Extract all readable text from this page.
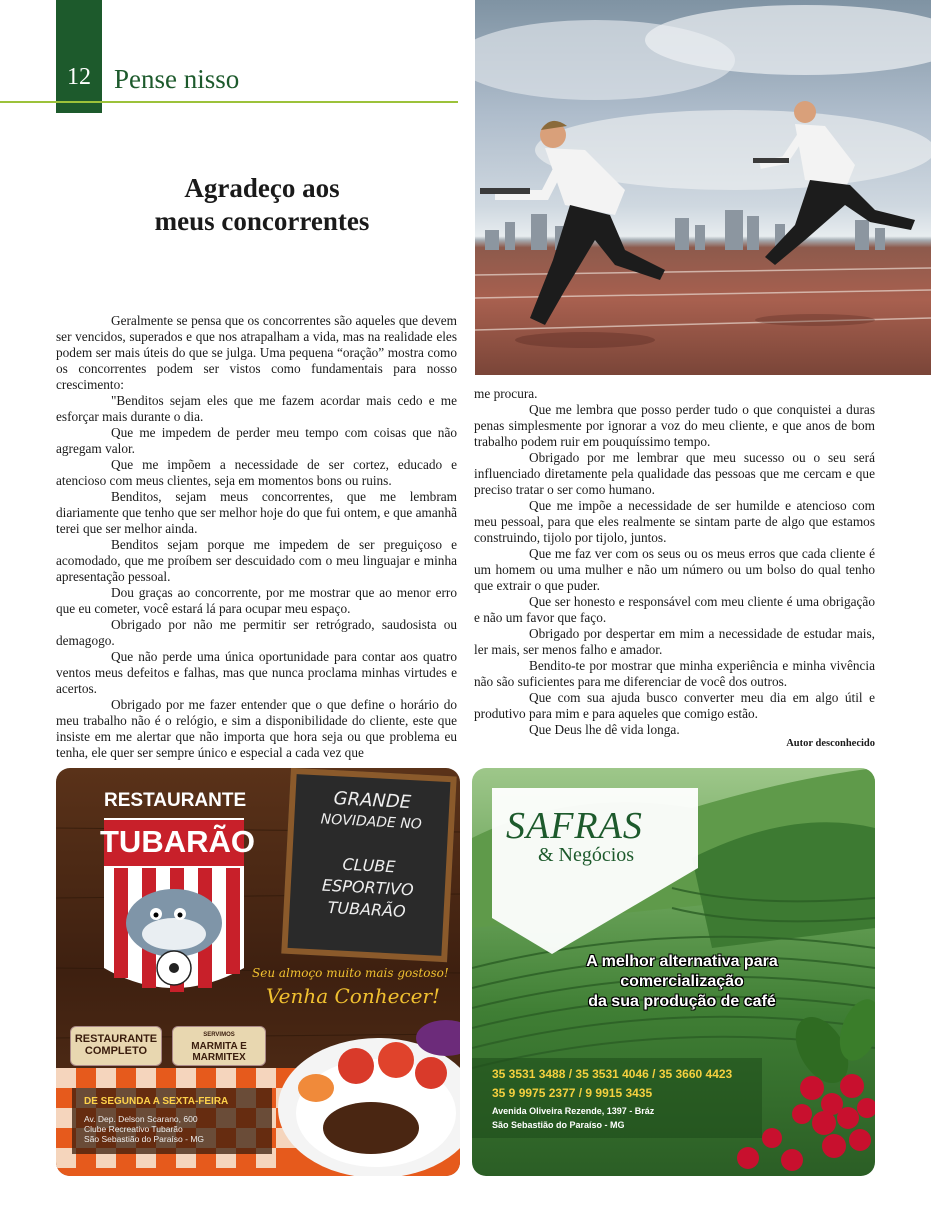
12 Pense nisso
Agradeço aos
meus concorrentes

Geralmente se pensa que os concorrentes são aqueles que devem ser vencidos, superados e que nos atrapalham a vida, mas na realidade eles podem ser mais úteis do que se julga. Uma pequena “oração” mostra como os concorrentes podem ser vistos como fundamentais para nosso crescimento:

"Benditos sejam eles que me fazem acordar mais cedo e me esforçar mais durante o dia.

Que me impedem de perder meu tempo com coisas que não agregam valor.

Que me impõem a necessidade de ser cortez, educado e atencioso com meus clientes, seja em momentos bons ou ruins.

Benditos, sejam meus concorrentes, que me lembram diariamente que tenho que ser melhor hoje do que fui ontem, e que amanhã terei que ser melhor ainda.

Benditos sejam porque me impedem de ser preguiçoso e acomodado, que me proíbem ser descuidado com o meu linguajar e minha apresentação pessoal.

Dou graças ao concorrente, por me mostrar que ao menor erro que eu cometer, você estará lá para ocupar meu espaço.

Obrigado por não me permitir ser retrógrado, saudosista ou demagogo.

Que não perde uma única oportunidade para contar aos quatro ventos meus defeitos e falhas, mas que nunca proclama minhas virtudes e acertos.

Obrigado por me fazer entender que o que define o horário do meu trabalho não é o relógio, e sim a disponibilidade do cliente, este que insiste em me alertar que não importa que hora seja ou que problema eu tenha, ele quer ser sempre único e especial a cada vez que

me procura.

Que me lembra que posso perder tudo o que conquistei a duras penas simplesmente por ignorar a voz do meu cliente, e que anos de bom trabalho podem ruir em pouquíssimo tempo.

Obrigado por me lembrar que meu sucesso ou o seu será influenciado diretamente pela qualidade das pessoas que me cercam e que preciso tratar o ser como humano.

Que me impõe a necessidade de ser humilde e atencioso com meu pessoal, para que eles realmente se sintam parte de algo que estamos construindo, tijolo por tijolo, juntos.

Que me faz ver com os seus ou os meus erros que cada cliente é um homem ou uma mulher e não um número ou um bolso do qual tenho que extrair o que puder.

Que ser honesto e responsável com meu cliente é uma obrigação e não um favor que faço.

Obrigado por despertar em mim a necessidade de estudar mais, ler mais, ser menos falho e amador.

Bendito-te por mostrar que minha experiência e minha vivência não são suficientes para me diferenciar de você dos outros.

Que com sua ajuda busco converter meu dia em algo útil e produtivo para mim e para aqueles que comigo estão.

Que Deus lhe dê vida longa.

Autor desconhecido
RESTAURANTE
TUBARÃO
GRANDE
NOVIDADE NO
CLUBE
ESPORTIVO
TUBARÃO
Seu almoço muito mais gostoso!
Venha Conhecer!
RESTAURANTE
COMPLETO
SERVIMOS
MARMITA E
MARMITEX
DE SEGUNDA A SEXTA-FEIRA
Av. Dep. Delson Scarano, 600
Clube Recreativo Tubarão
São Sebastião do Paraíso - MG
SAFRAS
& Negócios
A melhor alternativa para
comercialização
da sua produção de café
35 3531 3488 / 35 3531 4046 / 35 3660 4423
35 9 9975 2377 / 9 9915 3435
Avenida Oliveira Rezende, 1397 - Bráz
São Sebastião do Paraíso - MG
